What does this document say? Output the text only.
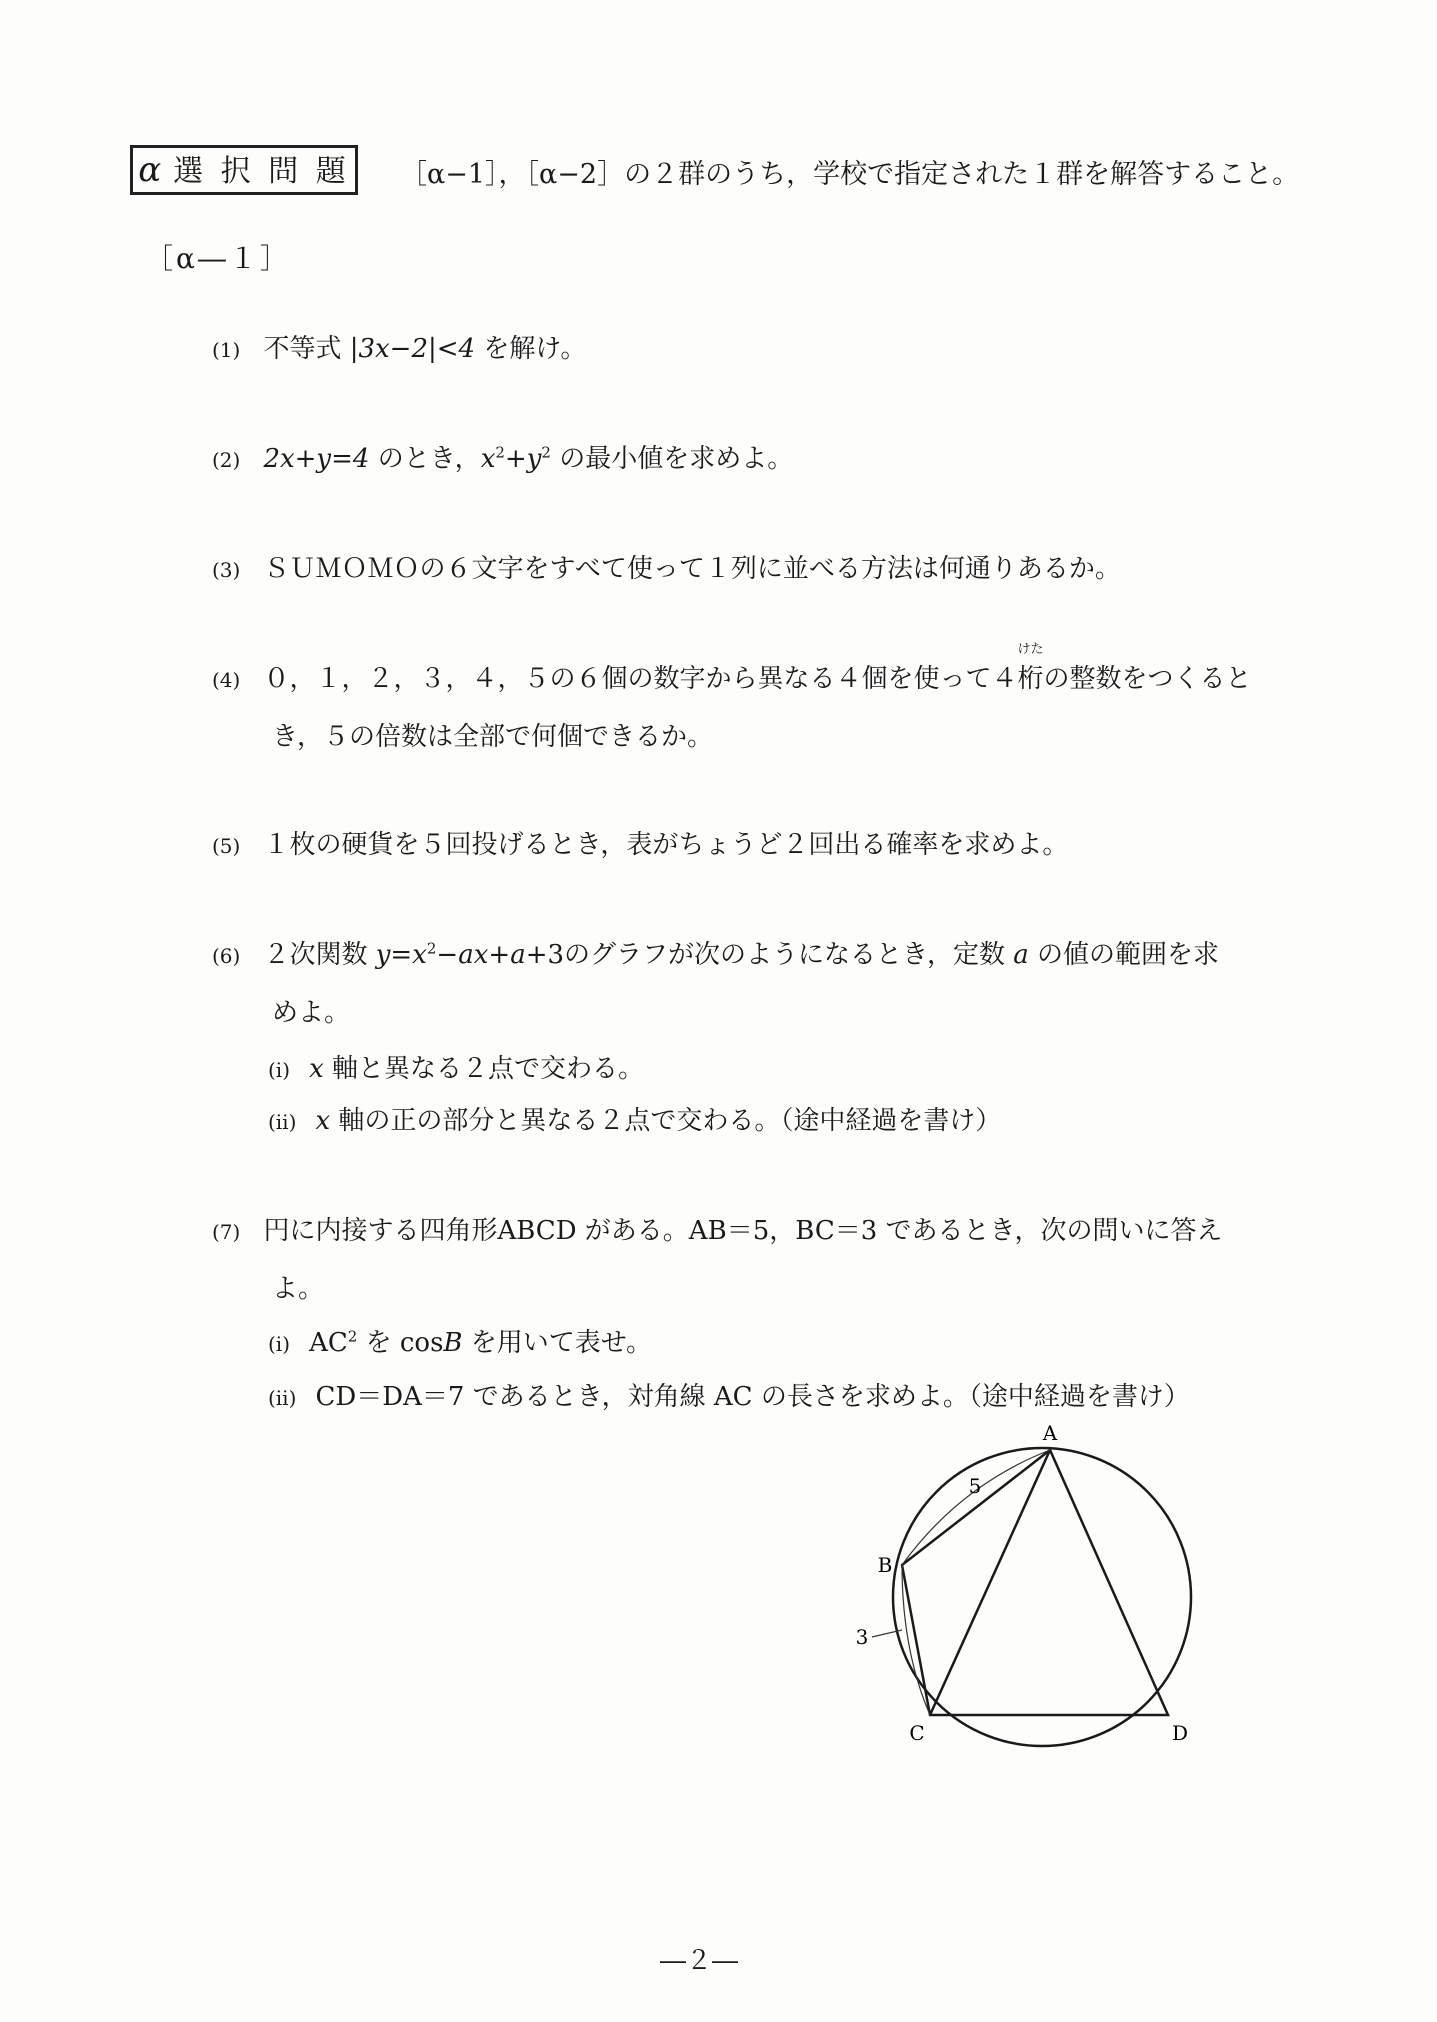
α 選 択 問 題	［α−1］，［α−2］の２群のうち，学校で指定された１群を解答すること。
［α―１］
(1) 不等式 |3x−2|<4 を解け。
(2) 2x+y=4 のとき，$x^2+y^2$ の最小値を求めよ。
(3) ＳＵＭＯＭＯの６文字をすべて使って１列に並べる方法は何通りあるか。
(4) ０，１，２，３，４，５の６個の数字から異なる４個を使って４桁
けた
の整数をつくると
き，５の倍数は全部で何個できるか。
(5) １枚の硬貨を５回投げるとき，表がちょうど２回出る確率を求めよ。
(6) ２次関数 $y=x^2-ax+a+3$のグラフが次のようになるとき，定数 a の値の範囲を求
めよ。
(ⅰ) x 軸と異なる２点で交わる。
(ⅱ) x 軸の正の部分と異なる２点で交わる。（途中経過を書け）
(7) 円に内接する四角形ABCD がある。AB＝5，BC＝3 であるとき，次の問いに答え
よ。
(ⅰ) $AC^2$ を cosB を用いて表せ。
(ⅱ) CD＝DA＝7 であるとき，対角線 AC の長さを求めよ。（途中経過を書け）
A
B
C	D
5
3
―２―
